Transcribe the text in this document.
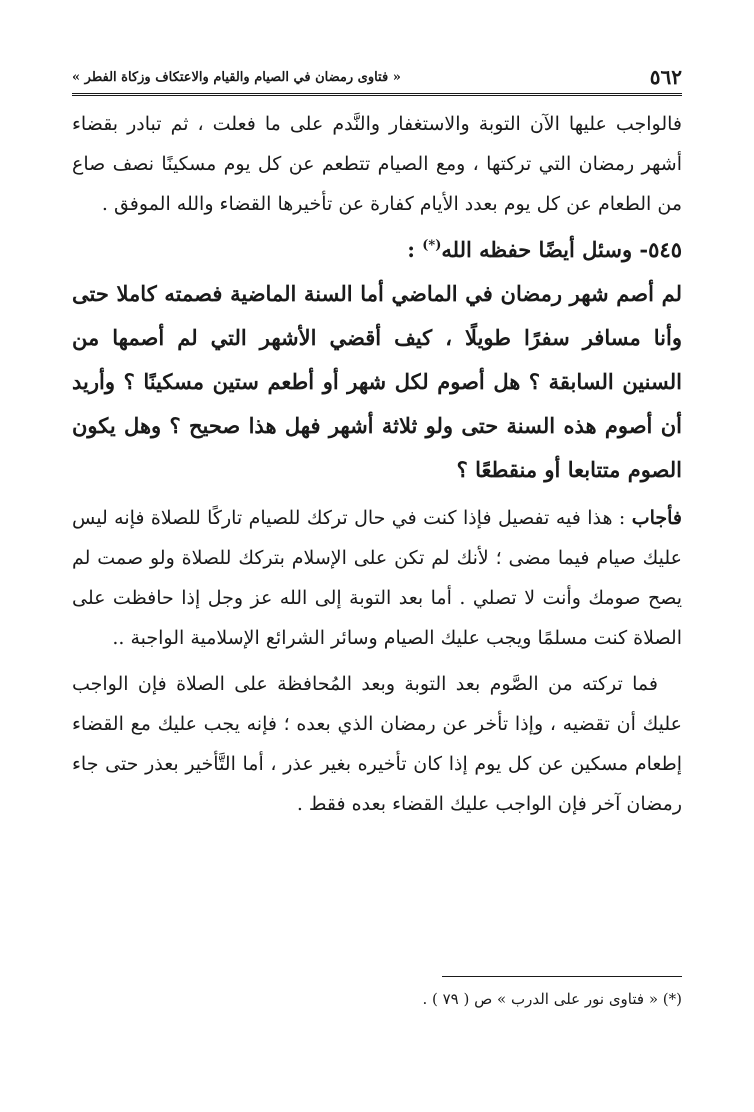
٥٦٢
« فتاوى رمضان في الصيام والقيام والاعتكاف وزكاة الفطر »

فالواجب عليها الآن التوبة والاستغفار والنَّدم على ما فعلت ، ثم تبادر بقضاء أشهر رمضان التي تركتها ، ومع الصيام تتطعم عن كل يوم مسكينًا نصف صاع من الطعام عن كل يوم بعدد الأيام كفارة عن تأخيرها القضاء والله الموفق .

٥٤٥- وسئل أيضًا حفظه الله(*) :

لم أصم شهر رمضان في الماضي أما السنة الماضية فصمته كاملا حتى وأنا مسافر سفرًا طويلًا ، كيف أقضي الأشهر التي لم أصمها من السنين السابقة ؟ هل أصوم لكل شهر أو أطعم ستين مسكينًا ؟ وأريد أن أصوم هذه السنة حتى ولو ثلاثة أشهر فهل هذا صحيح ؟ وهل يكون الصوم متتابعا أو منقطعًا ؟

فأجاب : هذا فيه تفصيل فإذا كنت في حال تركك للصيام تاركًا للصلاة فإنه ليس عليك صيام فيما مضى ؛ لأنك لم تكن على الإسلام بتركك للصلاة ولو صمت لم يصح صومك وأنت لا تصلي . أما بعد التوبة إلى الله عز وجل إذا حافظت على الصلاة كنت مسلمًا ويجب عليك الصيام وسائر الشرائع الإسلامية الواجبة ..

فما تركته من الصَّوم بعد التوبة وبعد المُحافظة على الصلاة فإن الواجب عليك أن تقضيه ، وإذا تأخر عن رمضان الذي بعده ؛ فإنه يجب عليك مع القضاء إطعام مسكين عن كل يوم إذا كان تأخيره بغير عذر ، أما التَّأخير بعذر حتى جاء رمضان آخر فإن الواجب عليك القضاء بعده فقط .

(*) « فتاوى نور على الدرب » ص ( ٧٩ ) .
